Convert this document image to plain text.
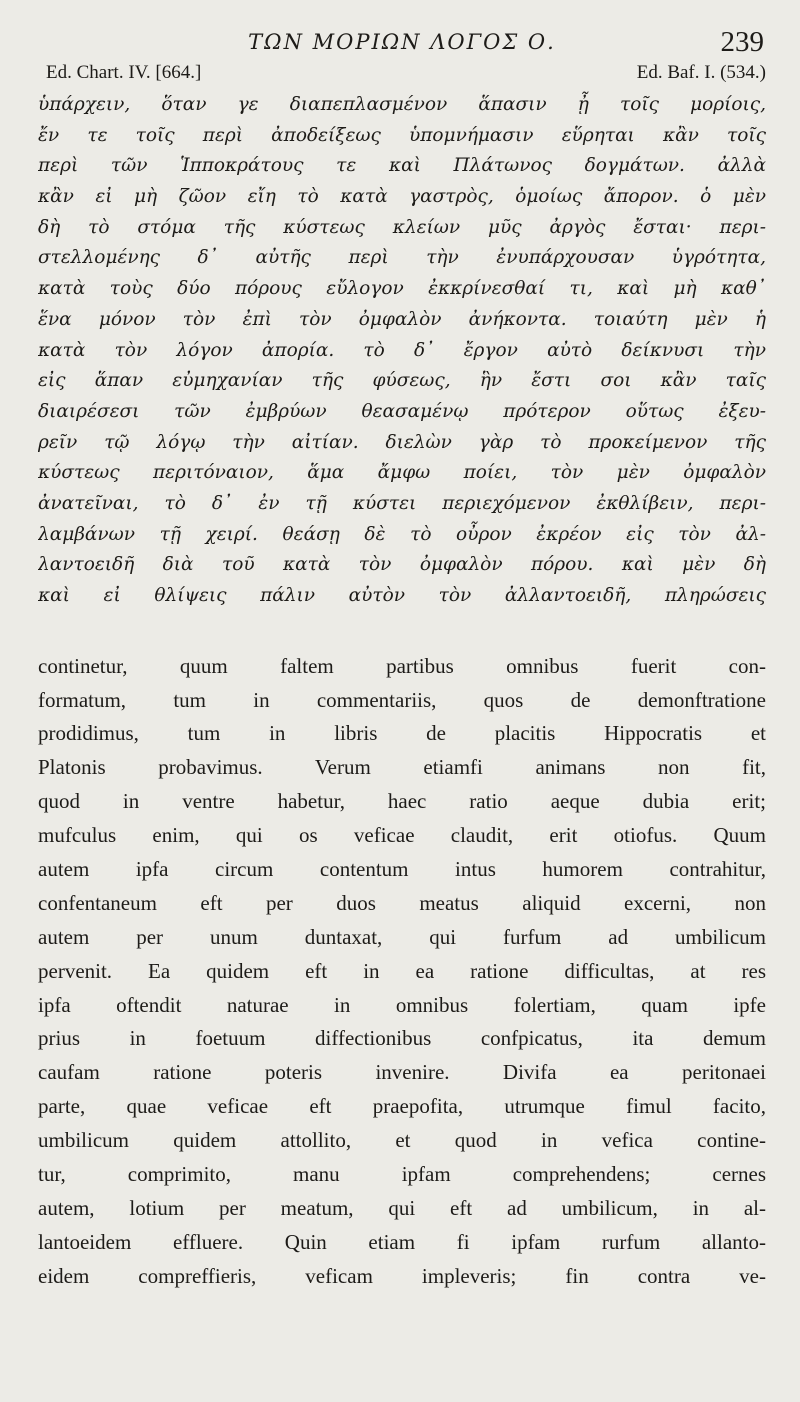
ΤΩΝ ΜΟΡΙΩΝ ΛΟΓΟΣ Ο.	239
Ed. Chart. IV. [664.]	Ed. Baf. I. (534.)
ὑπάρχειν, ὅταν γε διαπεπλασμένον ἅπασιν ᾖ τοῖς μορίοις,
ἔν τε τοῖς περὶ ἀποδείξεως ὑπομνήμασιν εὕρηται κἂν τοῖς
περὶ τῶν Ἱπποκράτους τε καὶ Πλάτωνος δογμάτων. ἀλλὰ
κἂν εἰ μὴ ζῶον εἴη τὸ κατὰ γαστρὸς, ὁμοίως ἄπορον. ὁ μὲν
δὴ τὸ στόμα τῆς κύστεως κλείων μῦς ἀργὸς ἔσται· περι-
στελλομένης δ᾽ αὐτῆς περὶ τὴν ἐνυπάρχουσαν ὑγρότητα,
κατὰ τοὺς δύο πόρους εὔλογον ἐκκρίνεσθαί τι, καὶ μὴ καθ᾽
ἕνα μόνον τὸν ἐπὶ τὸν ὀμφαλὸν ἀνήκοντα. τοιαύτη μὲν ἡ
κατὰ τὸν λόγον ἀπορία. τὸ δ᾽ ἔργον αὐτὸ δείκνυσι τὴν
εἰς ἅπαν εὐμηχανίαν τῆς φύσεως, ἣν ἔστι σοι κἂν ταῖς
διαιρέσεσι τῶν ἐμβρύων θεασαμένῳ πρότερον οὕτως ἐξευ-
ρεῖν τῷ λόγῳ τὴν αἰτίαν. διελὼν γὰρ τὸ προκείμενον τῆς
κύστεως περιτόναιον, ἅμα ἄμφω ποίει, τὸν μὲν ὀμφαλὸν
ἀνατεῖναι, τὸ δ᾽ ἐν τῇ κύστει περιεχόμενον ἐκθλίβειν, περι-
λαμβάνων τῇ χειρί. θεάσῃ δὲ τὸ οὖρον ἐκρέον εἰς τὸν ἀλ-
λαντοειδῆ διὰ τοῦ κατὰ τὸν ὀμφαλὸν πόρου. καὶ μὲν δὴ
καὶ εἰ θλίψεις πάλιν αὐτὸν τὸν ἀλλαντοειδῆ, πληρώσεις
continetur, quum faltem partibus omnibus fuerit con-
formatum, tum in commentariis, quos de demonftratione
prodidimus, tum in libris de placitis Hippocratis et
Platonis probavimus. Verum etiamfi animans non fit,
quod in ventre habetur, haec ratio aeque dubia erit;
mufculus enim, qui os veficae claudit, erit otiofus. Quum
autem ipfa circum contentum intus humorem contrahitur,
confentaneum eft per duos meatus aliquid excerni, non
autem per unum duntaxat, qui furfum ad umbilicum
pervenit. Ea quidem eft in ea ratione difficultas, at res
ipfa oftendit naturae in omnibus folertiam, quam ipfe
prius in foetuum diffectionibus confpicatus, ita demum
caufam ratione poteris invenire. Divifa ea peritonaei
parte, quae veficae eft praepofita, utrumque fimul facito,
umbilicum quidem attollito, et quod in vefica contine-
tur, comprimito, manu ipfam comprehendens; cernes
autem, lotium per meatum, qui eft ad umbilicum, in al-
lantoeidem effluere. Quin etiam fi ipfam rurfum allanto-
eidem compreffieris, veficam impleveris; fin contra ve-
